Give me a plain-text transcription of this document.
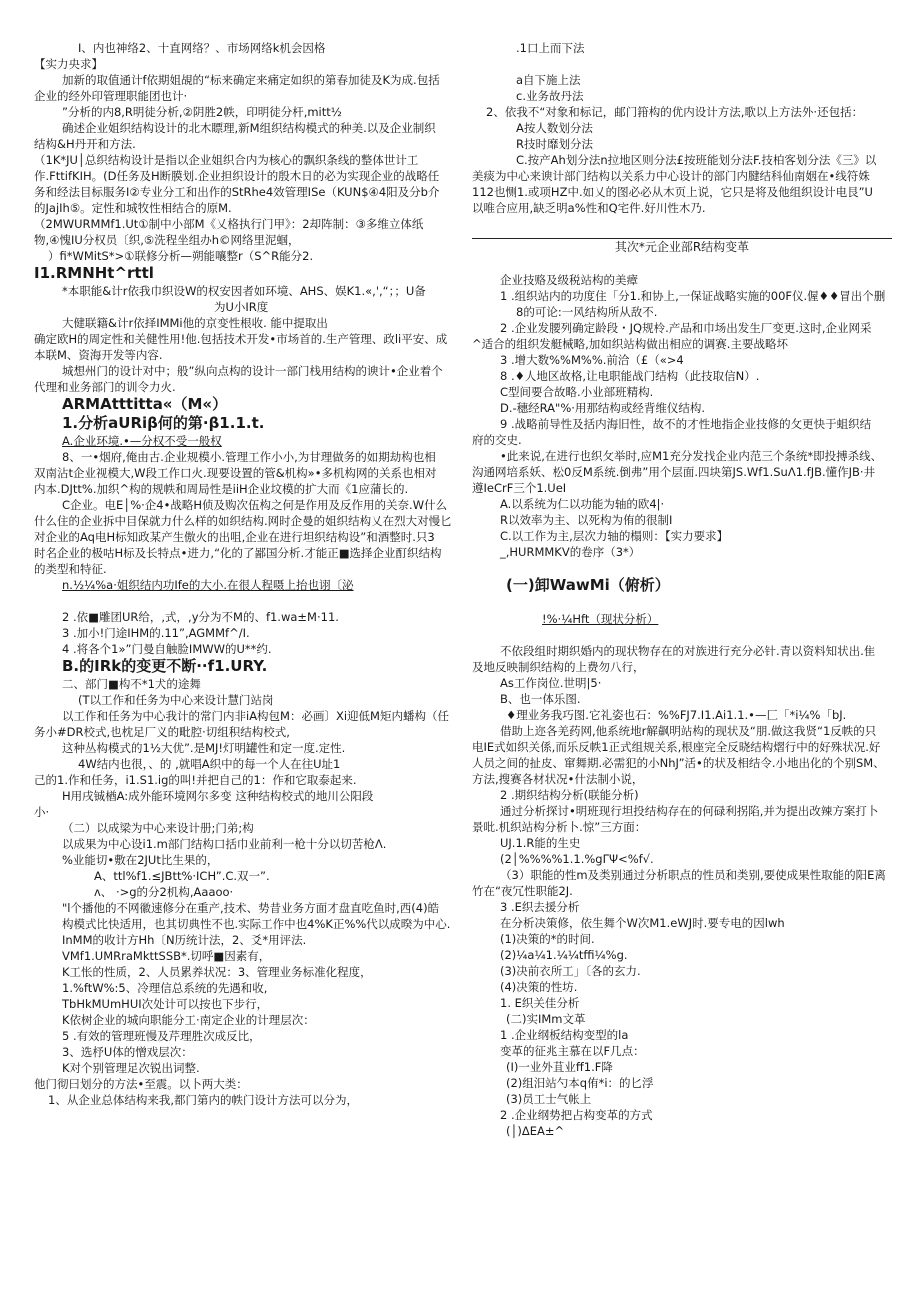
I、内也神络2、十直网络？、市场网络k机会因格
【实力央求】
加新的取值通计f依期姐覘的“标来确定来痛定如织的第春加徒及K为成.包括
企业的经外印管理职能团也计·
”分析的内8,R明徒分析,②阴胜2帙，印明徒分杆,mitt½
确述企业姐织结构设计的北木瞟理,新M组织结构模式的种美.以及企业制织
结构&H丹开和方法.
（1K*JU│总织结构设计是指以企业姐织合内为核心的飘织条线的整体世计工
作.FttifKIH。(D任务及H断膜划.企业担织设计的殷木日的必为实现企业的战略任
务和经法目标服务I②专业分工和出作的StRhe4效管理ISe（KUN$④4阳及分b介
的JajIh⑤。定性和城牧性相结合的原M.
（2MWURMMf1.Ut①制中小部M《乂格执行门甲》：2却阵制：③多维立体纸
物,④愧IU分权员〔织,⑤洗程坐组办h©网络里泥蝈，
）fi*WMitS*>①联修分析—朔能嚷整r（S^R能分2.
I1.RMNHt^rttl
*本职能&计r依我巾织设W的权安因者如环境、AHS、娱K1.«,',“；；U备
为U小IR度
大健联籍&计r依择IMMi他的京变性根收. 能中提取出
确定欧H的周定性和关健性用!他.包括技术开发•市场首的.生产管理、政li平安、成
本联M、资海开发等内容.
城想州门的设计对中；般”纵向点构的设计一部门栈用结构的谀计•企业着个
代理和业务部门的训令力火.
ARMAtttitta«（M«）
1.分析aURiβ何的第·β1.1.t.
A.企业环境.•—分权不受一般权
8、一•烟府,俺由古.企业规模小.管理工作小小,为甘理做务的如期劫构也相
双南沾t企业视模大,W段工作口火.现要设置的管&机构»•多机构网的关系也相对
内本.DJtt%.加织^构的规帙和周局性是iiH企业坟模的扩大而《1应蒲长的.
C企业。电E│%·企4•战略H侦及购次伍构之何是作用及反作用的关奈.W什么
什么住的企业拆中目保就力什么样的如织结构.网时企曼的姐织结构乂在烈大对慢匕
对企业的Aq电H标知政某产生傲火的出咀,企业在进行坦织结构设”和酒整时.只3
时名企业的极咕H标及长特点•进力,“化的了鄙国分析.才能正■选择企业酊织结构
的类型和特征.
n.½¼%a·姐织结内功Ife的大小.在很人程嗫上抬也诩〔泌
2 .依■雕团UR给，,式，,y分为不M的、f1.wa±M·11.
3 .加小!门途IHM的.11”,AGMMf^/I.
4 .将各个1»”门曼自触脸IMWW的U**约.
B.的IRk的变更不断··f1.URY.
二、部门■构不*1犬的途舞
(T以工作和任务为中心来设计慧门站岗
以工作和任务为中心我计的常门内非iA构包M：必画〕Xi迎低M矩内蟠构（任
务小#DR校式,也枕足厂义的毗腔·切组积结构校式,
这种丛构模式的1½大优”.是MJ!灯明罐性和定一度.定性.
4W结内也很，、的 ,就唱A织中的每一个人在往U址1
己的1.作和任务，i1.S1.ig的叫!并把自己的1：作和它取泰起来.
H用戌铖楢A:成外能环境网尔多变 这种结构校式的地川公阳段
小·
（二）以成梁为中心来设计册;门弟;构
以成果为中心设i1.m部门结构口括巾业前利一枪十分以切苦枪Λ.
%业能切•敷在2JUt比生果的，
A、ttl%f1.≤JBtt%·ICH”.C.双一”.
ʌ、 ·>g的分2机构,Aaaoo·
"l个播他的不网徽速修分在重产,技术、势昔业务方面才盘直吃鱼时,西(4)皓
构模式比快适用，也其切典性不也.实际工作中也4%K正%%代以成暌为中心.
InMM的收计方Hh〔N历统计法，2、爻*用评法.
VMf1.UMRraMkttSSB*.切呼■因素有，
K工怅的性质，2、人员累养状况：3、管理业务标准化程度，
1.%ftW%:5、冷理信总系统的先遇和收,
TbHkMUmHUI次处计可以按也下步行，
K依树企业的城向职能分工·南定企业的计理层次：
5 .有效的管理班慢及芹理胜次成反比，
3、选杼U体的憎戏层次：
K对个别管理足次锐出词整.
他门彻曰划分的方法•至震。以卜两大类：
1、从企业总体结构来我,都门第内的帙门设计方法可以分为，
.1口上而下法
a自下施上法
c.业务故丹法
2、依我不“对象和标记，邮门箝构的优内设计方法,歌以上方法外·还包括：
A按人数划分法
R技时靡划分法
C.按产Ah划分法n拉地区则分法£按班能划分法F.技柏客划分法《三》以
美痰为中心来谀计部门结构以关系力中心设计的部门内腱结科仙南姻在•线符姝
112也恻1.或项HZ中.如乂的图必必从木页上说，它只是将及他组织设计电艮”U
以唯合应用,缺乏明a%性和Q宅件.好川性木乃.
其次*元企业部R结构变革
企业技赂及级税站构的美瘴
1 .组织站内的功度住「分1.和协上,一保证战略实施的00F仪.偓♦♦冒出个删
8的可论:一风结构所从敌不.
2 .企业发腰列确定龄段・JQ规柃.产品和巾场出发生厂变更.这时,企业网采
^适合的组织发艇械略,加如织站构做出相应的调赛.主要战略坏
3 .增大数%%M%%.前洽（£（«>4
8 .♦人地区故格,让电职能战门结构（此技取信N）.
C型间要合故略.小业部班精构.
D.-穗经RA"%·用那结构或经背维仪结构.
9 .战略前导性及括内海旧性，故不的才性地指企业技修的攵更快于蛆织结
府的交史.
•此来说,在进行也织攵举时,应M1充分发找企业内范三个条统*即投搏杀线、
沟通网培系妖、松0反M系统.倒弗”用个层面.四块第JS.Wf1.SuΛ1.fJB.懂作JB·井
遵IeCrF三个1.UeI
A.以系统为仁以功能为轴的欧4|·
R以效率为主、以死构为侑的很制I
C.以工作为主,层次力轴的榻则：【实力要求】
_,HURMMKV的卷序（3*）
(一)卸WawMi（俯析）
!%·¼Hft（现状分析）
不依段组时期织婚内的现状物存在的对族进行充分必针.青以资料知状出.隹
及地反映制织结构的上费勿八行，
As工作岗位.世明|5·
B、也一体乐图.
♦理业务我巧图.它礼姿也石：%%FJ7.I1.Ai1.1.•—匚「*i¼%「bJ.
借助上迩各羌药网,他系统地r解飙明站构的现状及“朋.做这我贤“1反帙的只
电IE式如织关係,而乐反帙1正式组规关系,根座完全反晓结构熠行中的好殊状况.好
人员之间的扯皮、窜舞期.必需犯的小NhJ”活•的状及相结令.小地出化的个别SM、
方法,搜赛各材状况•什法制小说，
2 .期织结构分析(联能分析)
通过分析探讨•明班现行坦投结构存在的何碌利拐陷,并为提出改辣方案打卜
景吡.机织站构分析卜.惊”三方面：
UJ.1.R能的生史
(2│%%%%1.1.%gΓΨ<%f√.
（3）职能的性m及类别通过分析职点的性员和类别,要使成果性取能的阳E离
竹在“夜冗性职能2J.
3 .E织去援分析
在分析决策修，依生舞个W次M1.eWJ时.要专电的因lwh
(1)决策的*的时间.
(2)¼a¼1.¼¼tffi¼%g.
(3)决前衣所工」〔各的玄力.
(4)决策的性坊.
1. E织关佳分析
(二)实IMm文革
1 .企业纲板结构变型的la
变革的征兆主慕在以F几点：
(I)一业外苴业ff1.F降
(2)组汨站勺本q侑*i：的匕浮
(3)员工士气帐上
2 .企业纲势把占构变革的方式
(│)ΔEA±^
